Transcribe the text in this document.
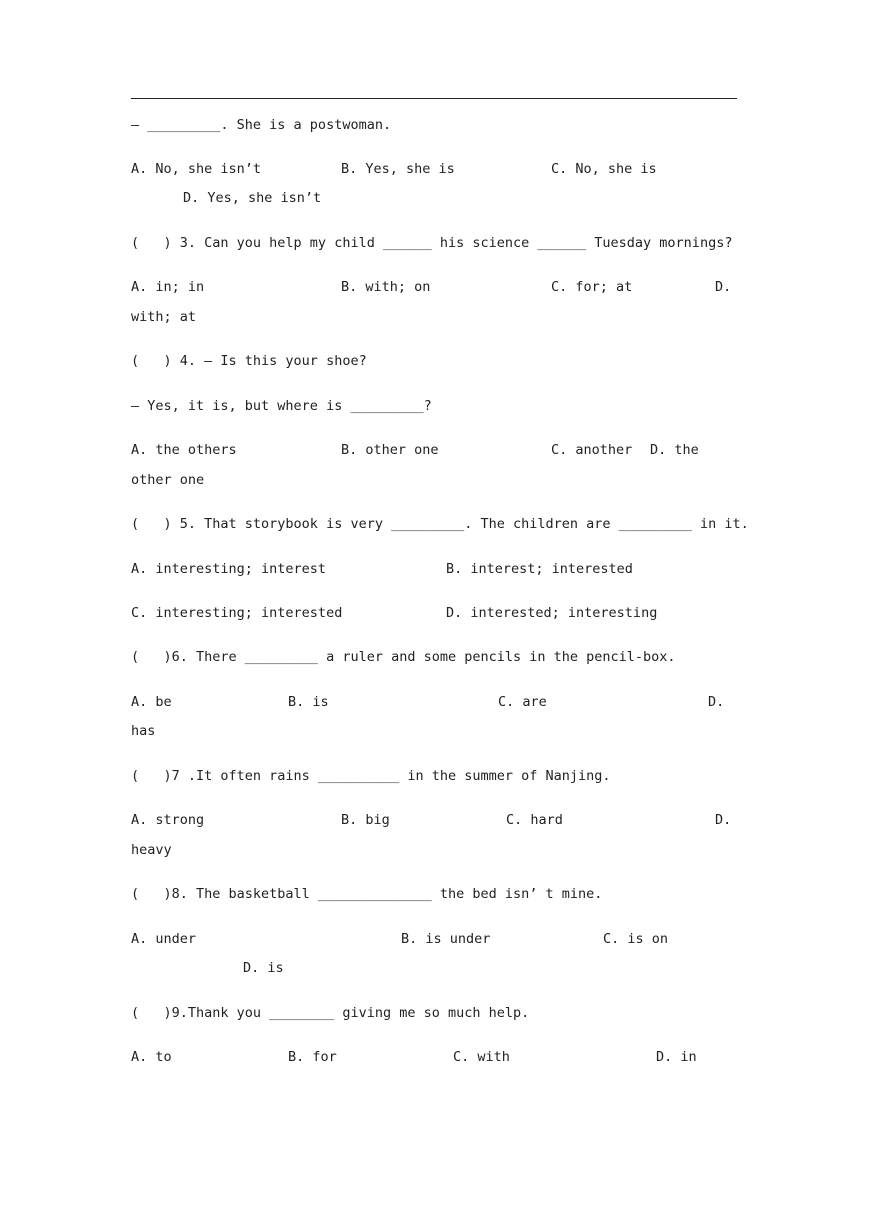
— _________. She is a postwoman.
A. No, she isn’t	B. Yes, she is	C. No, she is
D. Yes, she isn’t
(   ) 3. Can you help my child ______ his science ______ Tuesday mornings?
A. in; in	B. with; on	C. for; at	D.
with; at
(   ) 4. — Is this your shoe?
— Yes, it is, but where is _________?
A. the others	B. other one	C. another D. the
other one
(   ) 5. That storybook is very _________. The children are _________ in it.
A. interesting; interest	B. interest; interested
C. interesting; interested	D. interested; interesting
(   )6. There _________ a ruler and some pencils in the pencil-box.
A. be	B. is	C. are	D.
has
(   )7 .It often rains __________ in the summer of Nanjing.
A. strong	B. big	C. hard	D.
heavy
(   )8. The basketball ______________ the bed isn’ t mine.
A. under	B. is under	C. is on
D. is
(   )9.Thank you ________ giving me so much help.
A. to	B. for	C. with	D. in
